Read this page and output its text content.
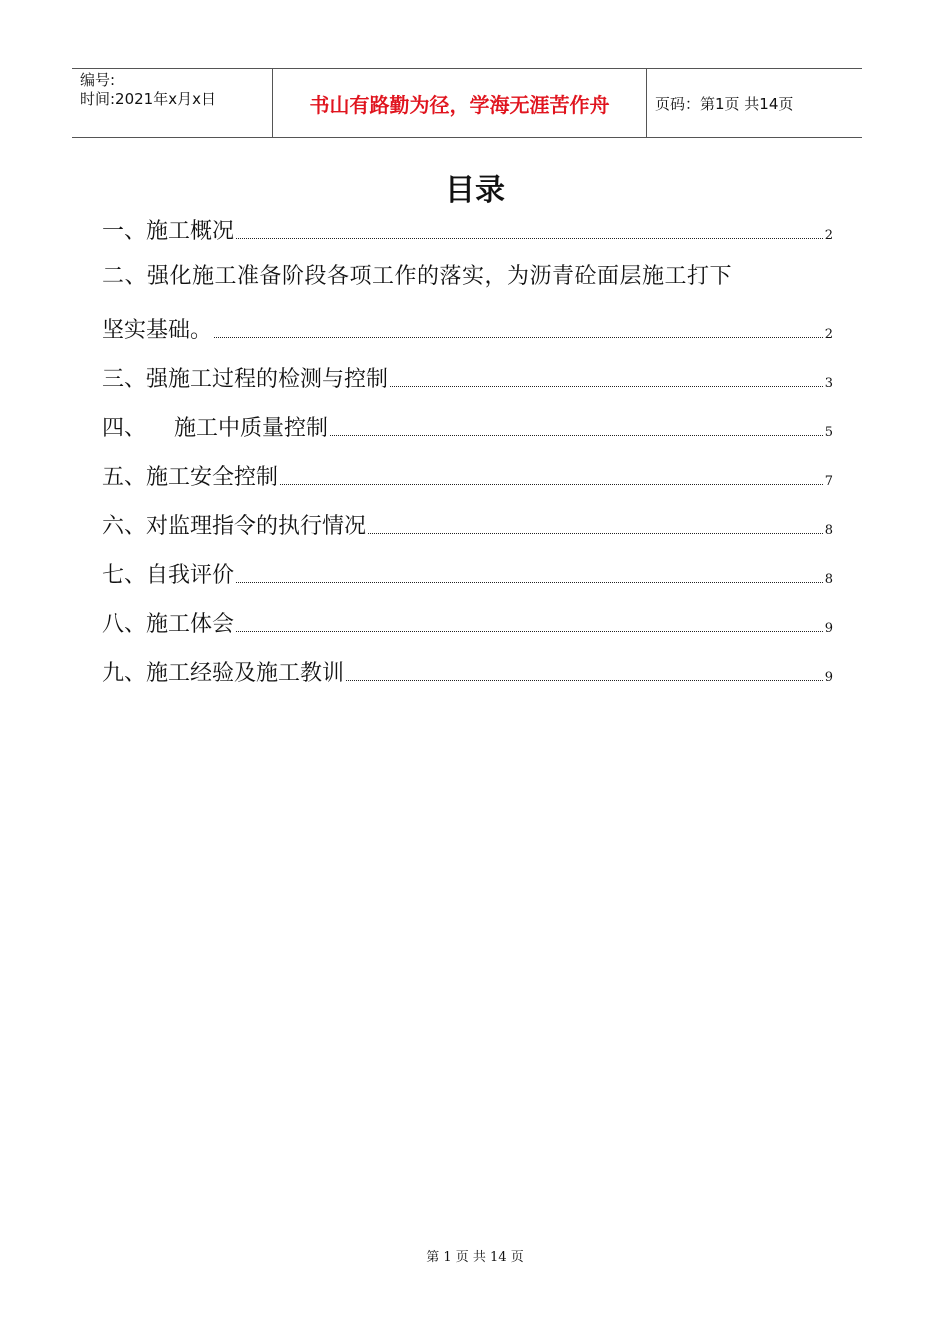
编号:
时间:2021年x月x日	书山有路勤为径，学海无涯苦作舟	页码：第1页 共14页
目录
一、施工概况	2
二、强化施工准备阶段各项工作的落实，为沥青砼面层施工打下
坚实基础。	2
三、强施工过程的检测与控制	3
四、    施工中质量控制	5
五、施工安全控制	7
六、对监理指令的执行情况	8
七、自我评价	8
八、施工体会	9
九、施工经验及施工教训	9
第 1 页 共 14 页
